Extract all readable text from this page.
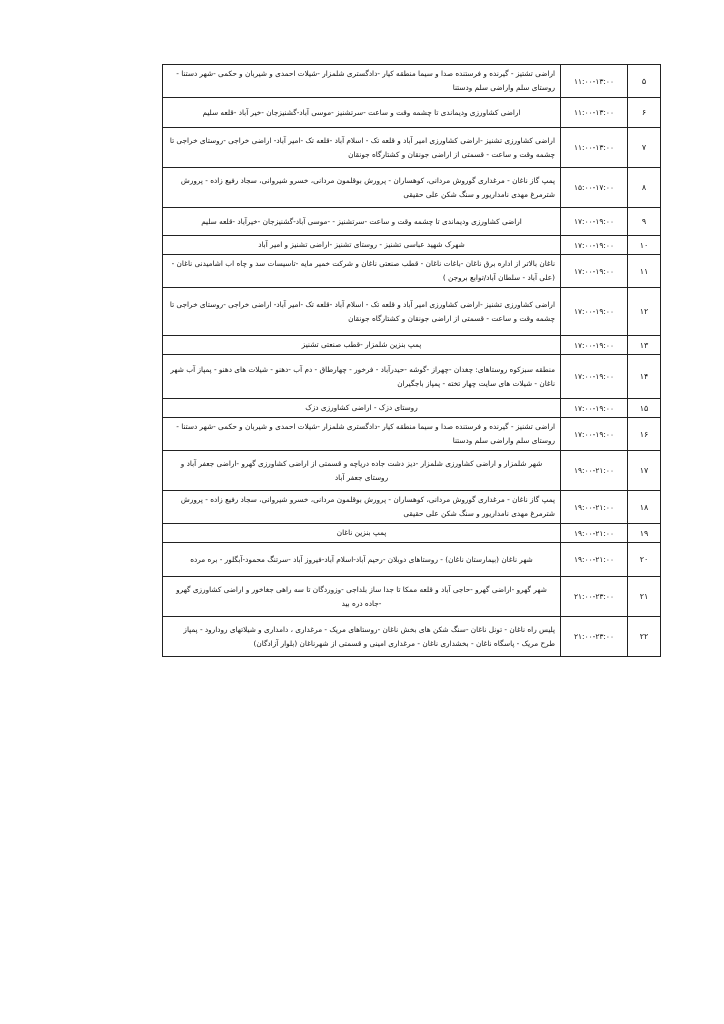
۵	۱۱:۰۰-۱۳:۰۰	اراضی تشتیز - گیرنده و فرستنده صدا و سیما منطقه کیار -دادگستری شلمزار -شیلات احمدی و شیربان و حکمی -شهر دستنا - روستای سلم واراضی سلم ودستنا
۶	۱۱:۰۰-۱۳:۰۰	اراضی کشاورزی ودیماندی تا چشمه وقت و ساعت -سرتشنیز -موسی آباد-گشنیزجان -خیر آباد -قلعه سلیم
۷	۱۱:۰۰-۱۳:۰۰	اراضی کشاورزی تشنیز -اراضی کشاورزی امیر آباد و قلعه تک - اسلام آباد -قلعه تک -امیر آباد- اراضی خراجی -روستای خراجی تا چشمه وقت و ساعت - قسمتی از اراضی جونقان و کشتارگاه جونقان
۸	۱۵:۰۰-۱۷:۰۰	پمپ گاز ناغان - مرغداری گوروش مردانی، کوهساران - پرورش بوقلمون مردانی، خسرو شیروانی، سجاد رفیع زاده - پرورش شترمرغ مهدی نامداریور و سنگ شکن علی حقیقی
۹	۱۷:۰۰-۱۹:۰۰	اراضی کشاورزی ودیماندی تا چشمه وقت و ساعت -سرتشنیز - -موسی آباد-گشنیزجان -خیرآباد -قلعه سلیم
۱۰	۱۷:۰۰-۱۹:۰۰	شهرک شهید عباسی تشنیز - روستای تشنیز -اراضی تشنیز و امیر آباد
۱۱	۱۷:۰۰-۱۹:۰۰	ناغان بالاتر از اداره برق ناغان -باغات ناغان - قطب صنعتی ناغان و شرکت خمیر مایه -تاسیسات سد و چاه اب اشامیدنی ناغان - (علی آباد - سلطان آباد/توابع بروجن )
۱۲	۱۷:۰۰-۱۹:۰۰	اراضی کشاورزی تشنیز -اراضی کشاورزی امیر آباد و قلعه تک - اسلام آباد -قلعه تک -امیر آباد- اراضی خراجی -روستای خراجی تا چشمه وقت و ساعت - قسمتی از اراضی جونقان و کشتارگاه جونقان
۱۳	۱۷:۰۰-۱۹:۰۰	پمپ بنزین شلمزار -قطب صنعتی تشنیز
۱۴	۱۷:۰۰-۱۹:۰۰	منطقه سبزکوه روستاهای: چغدان -چهراز -گوشه -حیدرآباد - فرخور - چهارطاق - دم آب -دهنو - شیلات های دهنو - پمپاز آب شهر ناغان - شیلات های سایت چهار تخته - پمپاز باجگیران
۱۵	۱۷:۰۰-۱۹:۰۰	روستای دزک - اراضی کشاورزی دزک
۱۶	۱۷:۰۰-۱۹:۰۰	اراضی تشنیز - گیرنده و فرستنده صدا و سیما منطقه کیار -دادگستری شلمزار -شیلات احمدی و شیربان و حکمی -شهر دستنا - روستای سلم واراضی سلم ودستنا
۱۷	۱۹:۰۰-۲۱:۰۰	شهر شلمزار و اراضی کشاورزی شلمزار -دیز دشت جاده دریاچه و قسمتی از اراضی کشاورزی گهرو -اراضی جعفر آباد و روستای جعفر آباد
۱۸	۱۹:۰۰-۲۱:۰۰	پمپ گاز ناغان - مرغداری گوروش مردانی، کوهساران - پرورش بوقلمون مردانی، خسرو شیروانی، سجاد رفیع زاده - پرورش شترمرغ مهدی نامداریور و سنگ شکن علی حقیقی
۱۹	۱۹:۰۰-۲۱:۰۰	پمپ بنزین ناغان
۲۰	۱۹:۰۰-۲۱:۰۰	شهر ناغان (بیمارستان ناغان) - روستاهای دوبلان -رحیم آباد-اسلام آباد-فیروز آباد -سرتنگ محمود-آبگلور - بره مرده
۲۱	۲۱:۰۰-۲۳:۰۰	شهر گهرو -اراضی گهرو -حاجی آباد و قلعه ممکا تا جدا ساز بلداجی -وزوردگان تا سه راهی جغاخور و اراضی کشاورزی گهرو -جاده دره بید
۲۲	۲۱:۰۰-۲۳:۰۰	پلیس راه ناغان - تونل ناغان -سنگ شکن های بخش ناغان -روستاهای مریک - مرغداری ، دامداری و شیلاتهای رودارود - پمپاز طرح مریک - پاسگاه ناغان - بخشداری ناغان - مرغداری امینی و قسمتی از شهرناغان (بلوار آزادگان)
